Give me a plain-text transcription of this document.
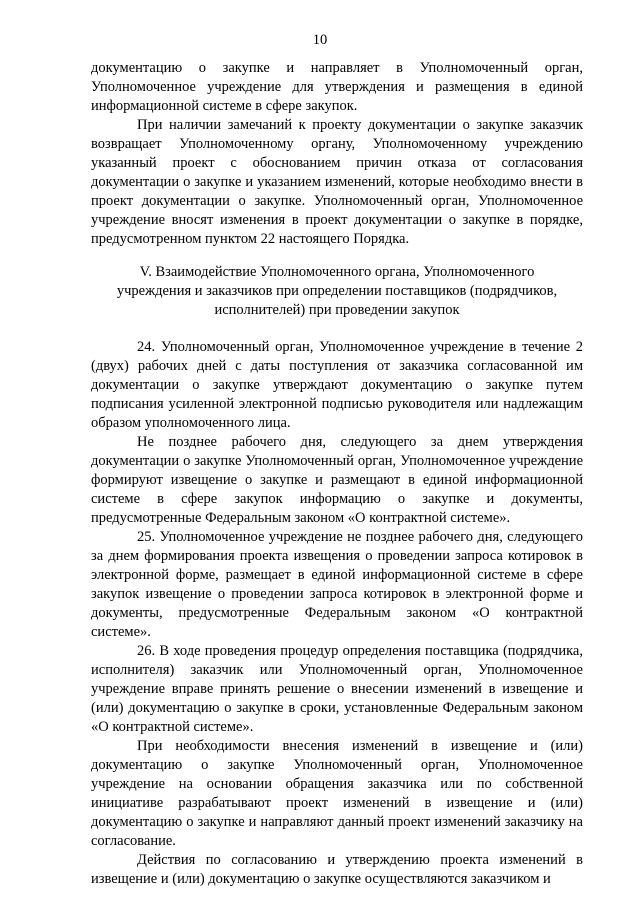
10

документацию о закупке и направляет в Уполномоченный орган, Уполномоченное учреждение для утверждения и размещения в единой информационной системе в сфере закупок.

При наличии замечаний к проекту документации о закупке заказчик возвращает Уполномоченному органу, Уполномоченному учреждению указанный проект с обоснованием причин отказа от согласования документации о закупке и указанием изменений, которые необходимо внести в проект документации о закупке. Уполномоченный орган, Уполномоченное учреждение вносят изменения в проект документации о закупке в порядке, предусмотренном пунктом 22 настоящего Порядка.

V. Взаимодействие Уполномоченного органа, Уполномоченного учреждения и заказчиков при определении поставщиков (подрядчиков, исполнителей) при проведении закупок

24. Уполномоченный орган, Уполномоченное учреждение в течение 2 (двух) рабочих дней с даты поступления от заказчика согласованной им документации о закупке утверждают документацию о закупке путем подписания усиленной электронной подписью руководителя или надлежащим образом уполномоченного лица.

Не позднее рабочего дня, следующего за днем утверждения документации о закупке Уполномоченный орган, Уполномоченное учреждение формируют извещение о закупке и размещают в единой информационной системе в сфере закупок информацию о закупке и документы, предусмотренные Федеральным законом «О контрактной системе».

25. Уполномоченное учреждение не позднее рабочего дня, следующего за днем формирования проекта извещения о проведении запроса котировок в электронной форме, размещает в единой информационной системе в сфере закупок извещение о проведении запроса котировок в электронной форме и документы, предусмотренные Федеральным законом «О контрактной системе».

26. В ходе проведения процедур определения поставщика (подрядчика, исполнителя) заказчик или Уполномоченный орган, Уполномоченное учреждение вправе принять решение о внесении изменений в извещение и (или) документацию о закупке в сроки, установленные Федеральным законом «О контрактной системе».

При необходимости внесения изменений в извещение и (или) документацию о закупке Уполномоченный орган, Уполномоченное учреждение на основании обращения заказчика или по собственной инициативе разрабатывают проект изменений в извещение и (или) документацию о закупке и направляют данный проект изменений заказчику на согласование.

Действия по согласованию и утверждению проекта изменений в извещение и (или) документацию о закупке осуществляются заказчиком и
